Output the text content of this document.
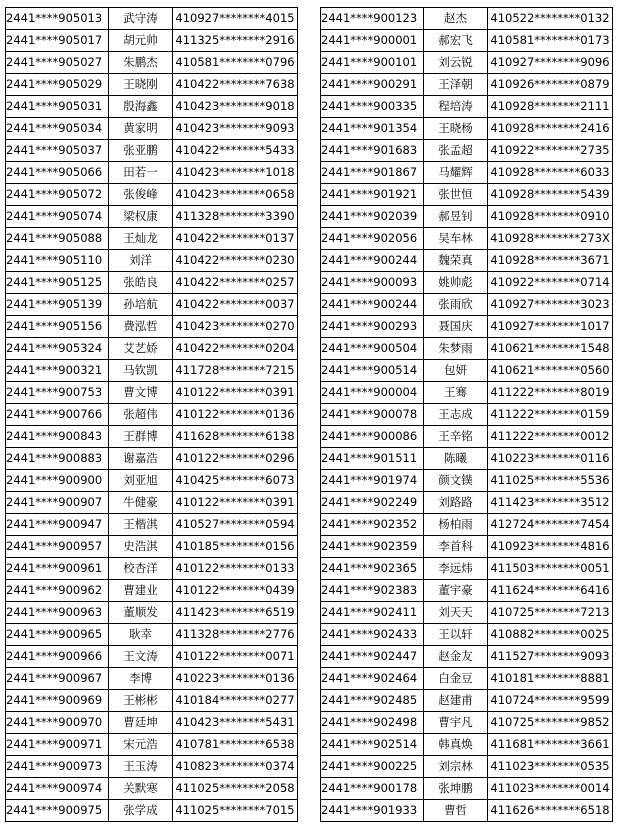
2441****905013	武守涛	410927********4015
2441****905017	胡元帅	411325********2916
2441****905027	朱鹏杰	410581********0796
2441****905029	王晓刚	410422********7638
2441****905031	殷海鑫	410423********9018
2441****905034	黄家明	410423********9093
2441****905037	张亚鹏	410422********5433
2441****905066	田若一	410423********1018
2441****905072	张俊峰	410423********0658
2441****905074	梁权康	411328********3390
2441****905088	王灿龙	410422********0137
2441****905110	刘洋	410422********0230
2441****905125	张皓良	410422********0257
2441****905139	孙培航	410422********0037
2441****905156	费泓哲	410423********0270
2441****905324	艾艺娇	410422********0204
2441****900321	马钦凯	411728********7215
2441****900753	曹文博	410122********0391
2441****900766	张超伟	410122********0136
2441****900843	王群博	411628********6138
2441****900883	谢嘉浩	410122********0296
2441****900900	刘亚旭	410425********6073
2441****900907	牛健豪	410122********0391
2441****900947	王楷淇	410527********0594
2441****900957	史浩淇	410185********0156
2441****900961	校杏洋	410122********0133
2441****900962	曹建业	410122********0439
2441****900963	董顺发	411423********6519
2441****900965	耿幸	411328********2776
2441****900966	王文涛	410122********0071
2441****900967	李博	410223********0136
2441****900969	王彬彬	410184********0277
2441****900970	曹廷坤	410423********5431
2441****900971	宋元浩	410781********6538
2441****900973	王玉涛	410823********0374
2441****900974	关默寒	411025********2058
2441****900975	张学成	411025********7015
2441****900123	赵杰	410522********0132
2441****900001	郝宏飞	410581********0173
2441****900101	刘云锐	410927********9096
2441****900291	王泽朝	410926********0879
2441****900335	程培涛	410928********2111
2441****901354	王晓杨	410928********2416
2441****901683	张孟超	410922********2735
2441****901867	马耀辉	410928********6033
2441****901921	张世恒	410928********5439
2441****902039	郝昱钊	410928********0910
2441****902056	吴车林	410928********273X
2441****900244	魏荣真	410928********3671
2441****900093	姚帅彪	410922********0714
2441****900244	张雨欣	410927********3023
2441****900293	聂国庆	410927********1017
2441****900504	朱梦雨	410621********1548
2441****900514	包妍	410621********0560
2441****900004	王骞	411222********8019
2441****900078	王志成	411222********0159
2441****900086	王辛铭	411222********0012
2441****901511	陈曦	410223********0116
2441****901974	颜文镤	411025********5536
2441****902249	刘路路	411423********3512
2441****902352	杨柏雨	412724********7454
2441****902359	李首科	410923********4816
2441****902365	李远炜	411503********0051
2441****902383	董宇豪	411624********6416
2441****902411	刘天天	410725********7213
2441****902433	王以轩	410882********0025
2441****902447	赵金友	411527********9093
2441****902464	白金豆	410181********8881
2441****902485	赵建甫	410724********9599
2441****902498	曹宇凡	410725********9852
2441****902514	韩真焕	411681********3661
2441****900225	刘宗林	411023********0535
2441****900178	张坤鹏	411023********0014
2441****901933	曹哲	411626********6518
